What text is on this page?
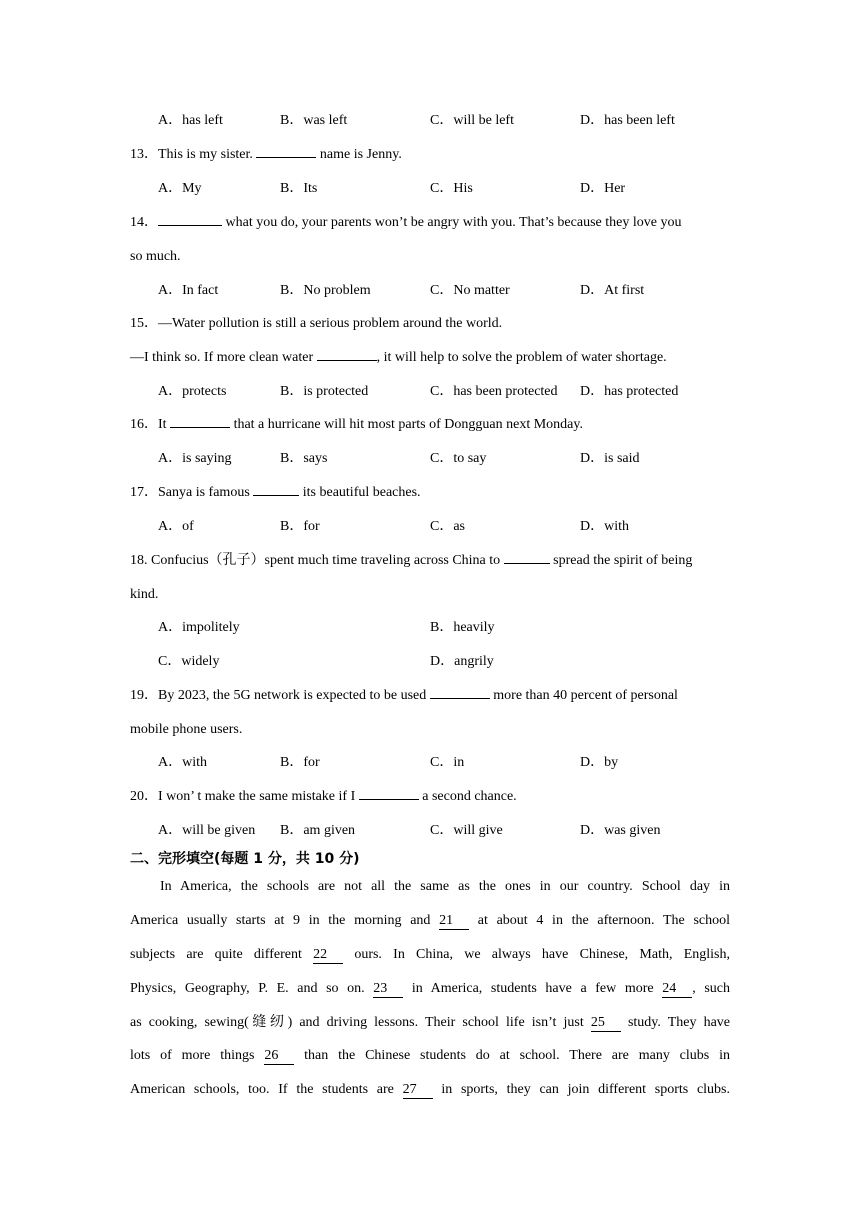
A．has left	B．was left	C．will be left	D．has been left
13．This is my sister.	name is Jenny.
A．My	B．Its	C．His	D．Her
14．	what you do, your parents won’t be angry with you. That’s because they love you
so much.
A．In fact	B．No problem	C．No matter	D．At first
15．—Water pollution is still a serious problem around the world.
—I think so. If more clean water	, it will help to solve the problem of water shortage.
A．protects	B．is protected	C．has been protected D．has protected
16．It	that a hurricane will hit most parts of Dongguan next Monday.
A．is saying	B．says	C．to say	D．is said
17．Sanya is famous	its beautiful beaches.
A．of	B．for	C．as	D．with
18. Confucius（孔子）spent much time traveling across China to	spread the spirit of being
kind.
A．impolitely	B．heavily
C．widely	D．angrily
19．By 2023, the 5G network is expected to be used	more than 40 percent of personal
mobile phone users.
A．with	B．for	C．in	D．by
20．I won’ t make the same mistake if I	a second chance.
A．will be given B．am given	C．will give	D．was given
二、完形填空(每题 1 分，共 10 分)
In America, the schools are not all the same as the ones in our country. School day in
America usually starts at 9 in the morning and 21 at about 4 in the afternoon. The school
subjects are quite different 22 ours. In China, we always have Chinese, Math, English,
Physics, Geography, P. E. and so on. 23 in America, students have a few more 24 , such
as cooking, sewing(缝纫) and driving lessons. Their school life isn’t just 25 study. They have
lots of more things 26 than the Chinese students do at school. There are many clubs in
American schools, too. If the students are 27 in sports, they can join different sports clubs.
